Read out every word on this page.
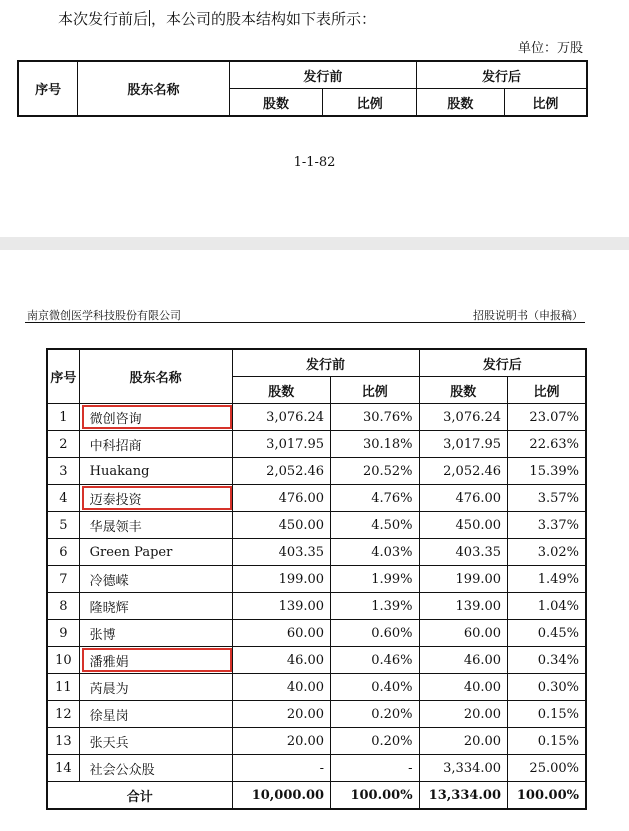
本次发行前后 ，本公司的股本结构如下表所示：
单位：万股
序号	股东名称	发行前		发行后	
		股数	比例	股数	比例
1-1-82
南京微创医学科技股份有限公司	招股说明书（申报稿）
序号	股东名称	发行前		发行后	
		股数	比例	股数	比例
1	微创咨询	3,076.24	30.76%	3,076.24	23.07%
2	中科招商	3,017.95	30.18%	3,017.95	22.63%
3	Huakang	2,052.46	20.52%	2,052.46	15.39%
4	迈泰投资	476.00	4.76%	476.00	3.57%
5	华晟领丰	450.00	4.50%	450.00	3.37%
6	Green Paper	403.35	4.03%	403.35	3.02%
7	冷德嵘	199.00	1.99%	199.00	1.49%
8	隆晓辉	139.00	1.39%	139.00	1.04%
9	张博	60.00	0.60%	60.00	0.45%
10	潘雅娟	46.00	0.46%	46.00	0.34%
11	芮晨为	40.00	0.40%	40.00	0.30%
12	徐星岗	20.00	0.20%	20.00	0.15%
13	张天兵	20.00	0.20%	20.00	0.15%
14	社会公众股	-	-	3,334.00	25.00%
合计		10,000.00	100.00%	13,334.00	100.00%
